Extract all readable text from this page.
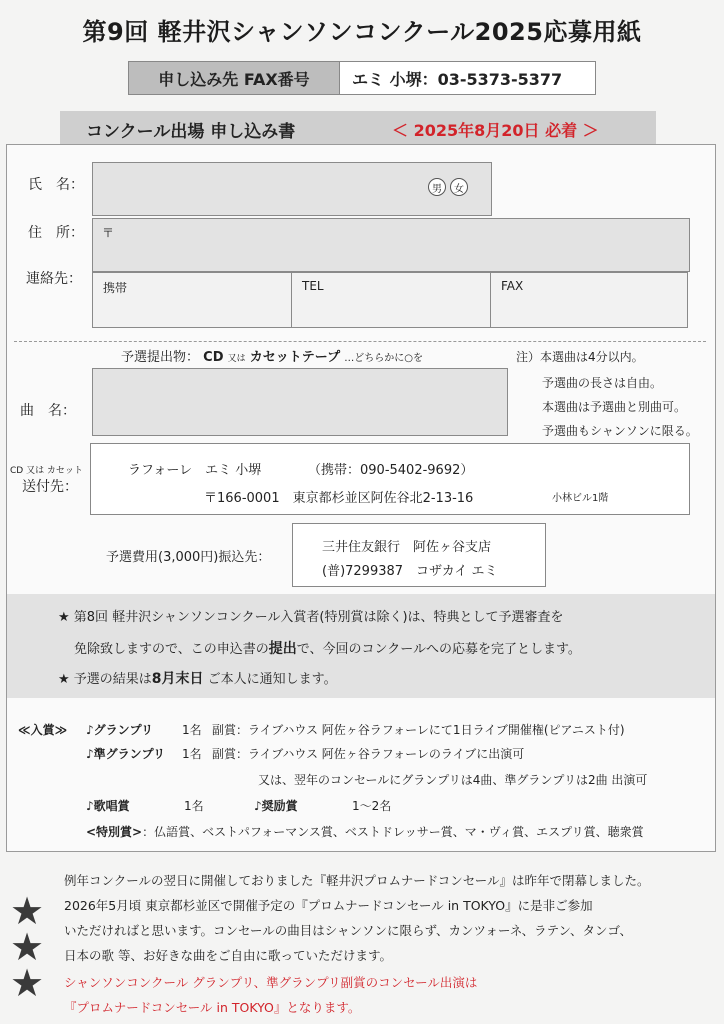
第9回 軽井沢シャンソンコンクール2025応募用紙
申し込み先 FAX番号	エミ 小堺：03-5373-5377
コンクール出場 申し込み書	＜ 2025年8月20日 必着 ＞
氏　名：	男	女
住　所： 〒
連絡先：
携帯	TEL	FAX
予選提出物： CD 又は カセットテープ …どちらかに○を
曲　名：
注）本選曲は4分以内。
予選曲の長さは自由。
本選曲は予選曲と別曲可。
予選曲もシャンソンに限る。
CD 又は カセット
送付先：
ラフォーレ　エミ 小堺	（携帯：090-5402-9692）
〒166-0001　東京都杉並区阿佐谷北2-13-16	小林ビル1階
予選費用(3,000円)振込先：
三井住友銀行　阿佐ヶ谷支店
(普)7299387　コザカイ エミ
★ 第8回 軽井沢シャンソンコンクール入賞者(特別賞は除く)は、特典として予選審査を
免除致しますので、この申込書の提出で、今回のコンクールへの応募を完了とします。
★ 予選の結果は8月末日 ご本人に通知します。
≪入賞≫ ♪グランプリ 1名 副賞：ライブハウス 阿佐ヶ谷ラフォーレにて1日ライブ開催権(ピアニスト付)
♪準グランプリ 1名 副賞：ライブハウス 阿佐ヶ谷ラフォーレのライブに出演可
又は、翌年のコンセールにグランプリは4曲、準グランプリは2曲 出演可
♪歌唱賞	1名	♪奨励賞	1～2名
<特別賞>：仏語賞、ベストパフォーマンス賞、ベストドレッサー賞、マ・ヴィ賞、エスプリ賞、聴衆賞
★
★
★
例年コンクールの翌日に開催しておりました『軽井沢プロムナードコンセール』は昨年で閉幕しました。
2026年5月頃 東京都杉並区で開催予定の『プロムナードコンセール in TOKYO』に是非ご参加
いただければと思います。コンセールの曲目はシャンソンに限らず、カンツォーネ、ラテン、タンゴ、
日本の歌 等、お好きな曲をご自由に歌っていただけます。
シャンソンコンクール グランプリ、準グランプリ副賞のコンセール出演は
『プロムナードコンセール in TOKYO』となります。
